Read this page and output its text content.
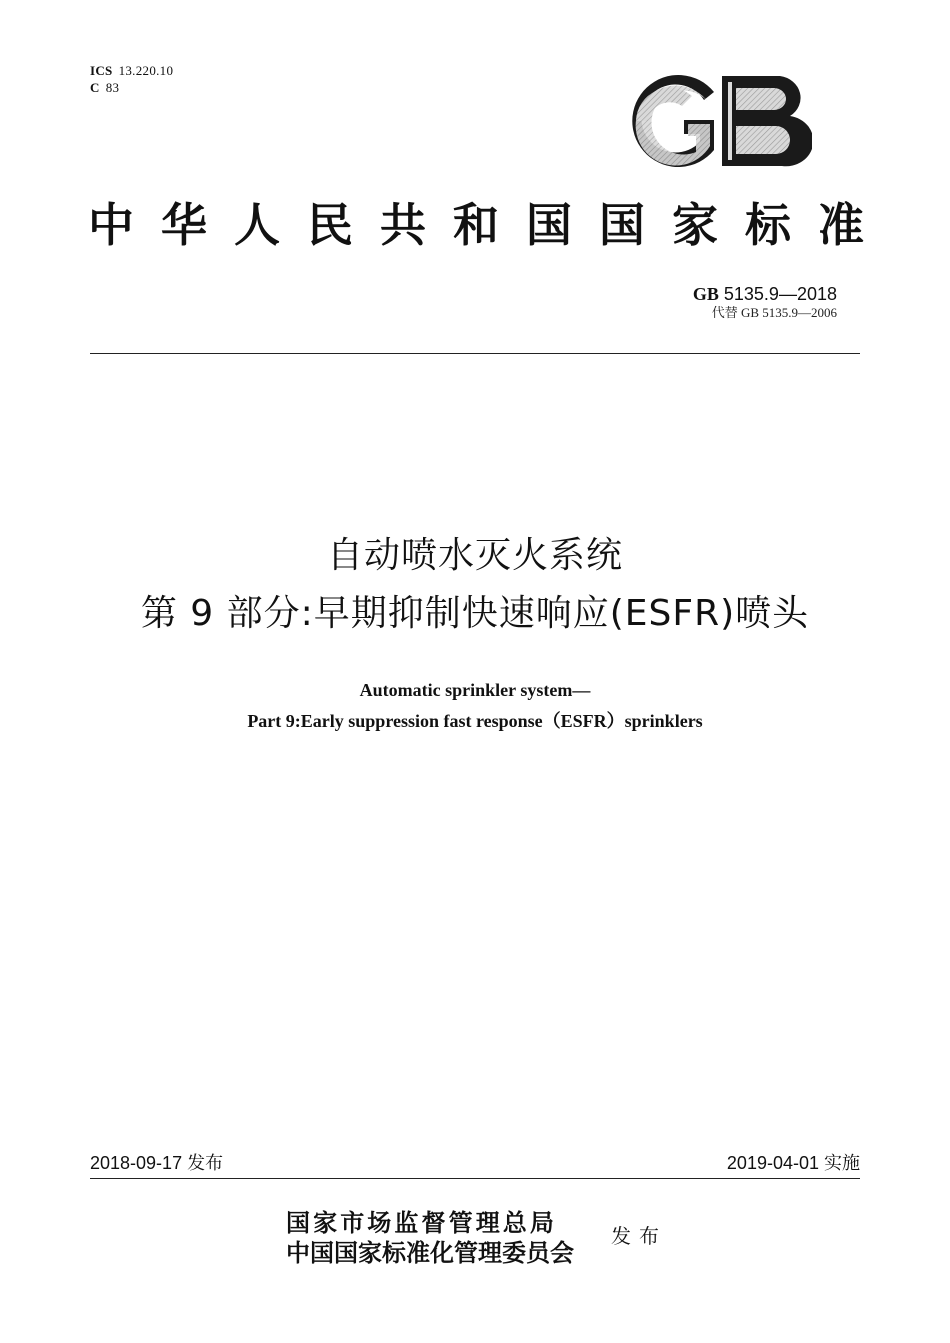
ICS 13.220.10
C 83
中 华 人 民 共 和 国 国 家 标 准
GB 5135.9—2018
代替 GB 5135.9—2006
自动喷水灭火系统
第 9 部分:早期抑制快速响应(ESFR)喷头
Automatic sprinkler system—
Part 9:Early suppression fast response（ESFR）sprinklers
2018-09-17 发布	2019-04-01 实施
国家市场监督管理总局
中国国家标准化管理委员会
发布
